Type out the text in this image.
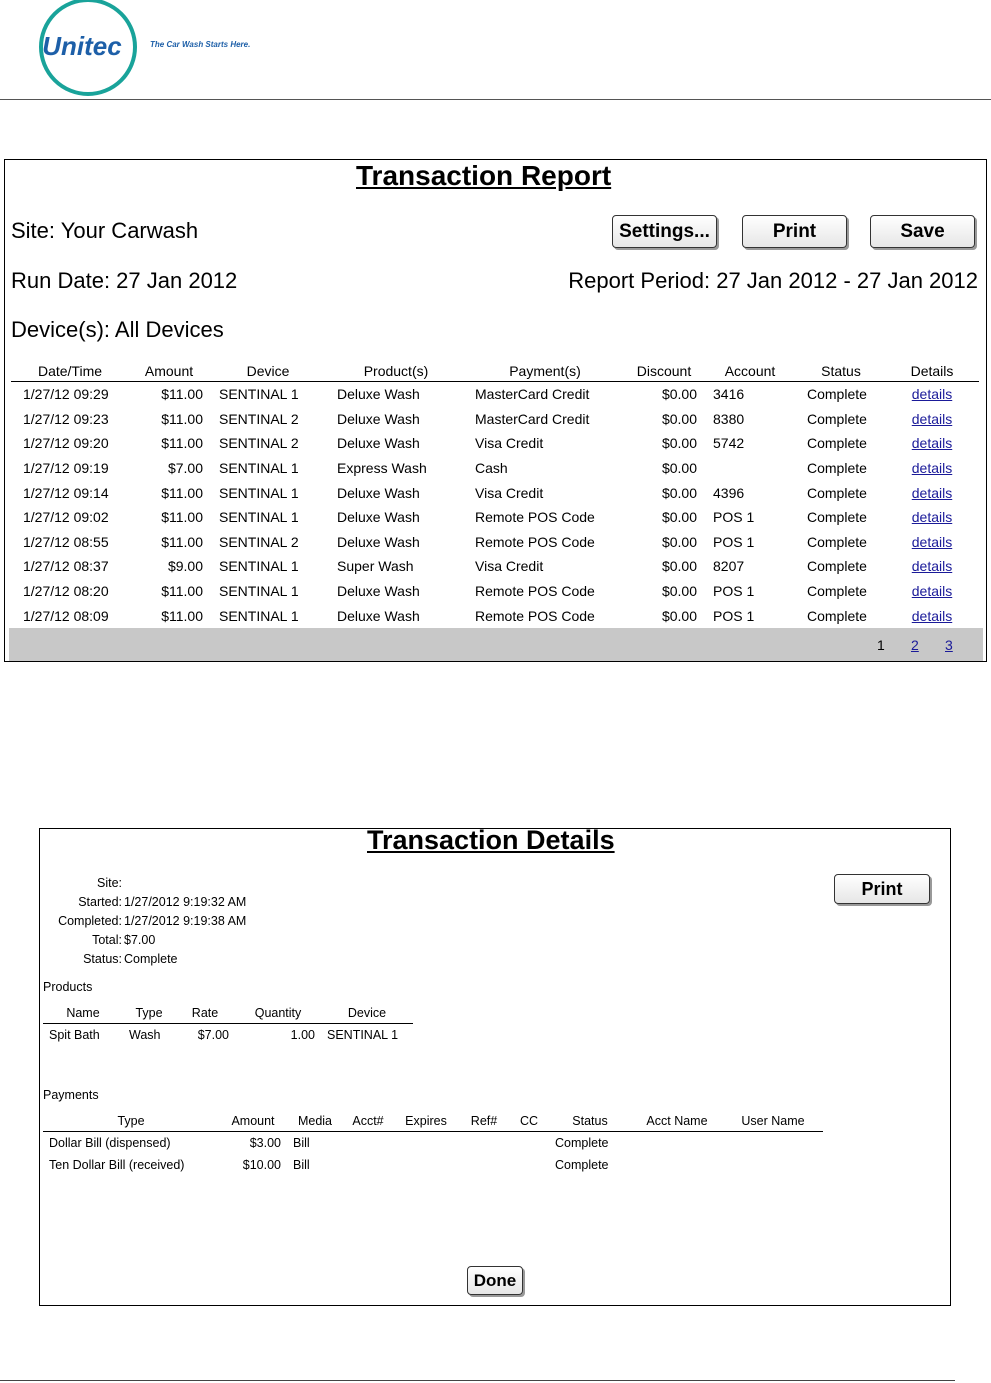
Unitec	The Car Wash Starts Here.
Transaction Report
Site: Your Carwash
Run Date: 27 Jan 2012	Report Period: 27 Jan 2012 - 27 Jan 2012
Device(s): All Devices
Settings...	Print	Save
Date/Time	Amount	Device	Product(s)	Payment(s)	Discount	Account	Status	Details
1/27/12 09:29	$11.00	SENTINAL 1	Deluxe Wash	MasterCard Credit	$0.00	3416	Complete	details
1/27/12 09:23	$11.00	SENTINAL 2	Deluxe Wash	MasterCard Credit	$0.00	8380	Complete	details
1/27/12 09:20	$11.00	SENTINAL 2	Deluxe Wash	Visa Credit	$0.00	5742	Complete	details
1/27/12 09:19	$7.00	SENTINAL 1	Express Wash	Cash	$0.00		Complete	details
1/27/12 09:14	$11.00	SENTINAL 1	Deluxe Wash	Visa Credit	$0.00	4396	Complete	details
1/27/12 09:02	$11.00	SENTINAL 1	Deluxe Wash	Remote POS Code	$0.00	POS 1	Complete	details
1/27/12 08:55	$11.00	SENTINAL 2	Deluxe Wash	Remote POS Code	$0.00	POS 1	Complete	details
1/27/12 08:37	$9.00	SENTINAL 1	Super Wash	Visa Credit	$0.00	8207	Complete	details
1/27/12 08:20	$11.00	SENTINAL 1	Deluxe Wash	Remote POS Code	$0.00	POS 1	Complete	details
1/27/12 08:09	$11.00	SENTINAL 1	Deluxe Wash	Remote POS Code	$0.00	POS 1	Complete	details
1 2 3
Transaction Details
Print
Site:
Started: 1/27/2012 9:19:32 AM
Completed: 1/27/2012 9:19:38 AM
Total: $7.00
Status: Complete
Products
Name	Type	Rate	Quantity	Device
Spit Bath	Wash	$7.00	1.00	SENTINAL 1
Payments
Type	Amount	Media	Acct#	Expires	Ref#	CC	Status	Acct Name	User Name
Dollar Bill (dispensed)	$3.00	Bill					Complete		
Ten Dollar Bill (received)	$10.00	Bill					Complete		
Done
